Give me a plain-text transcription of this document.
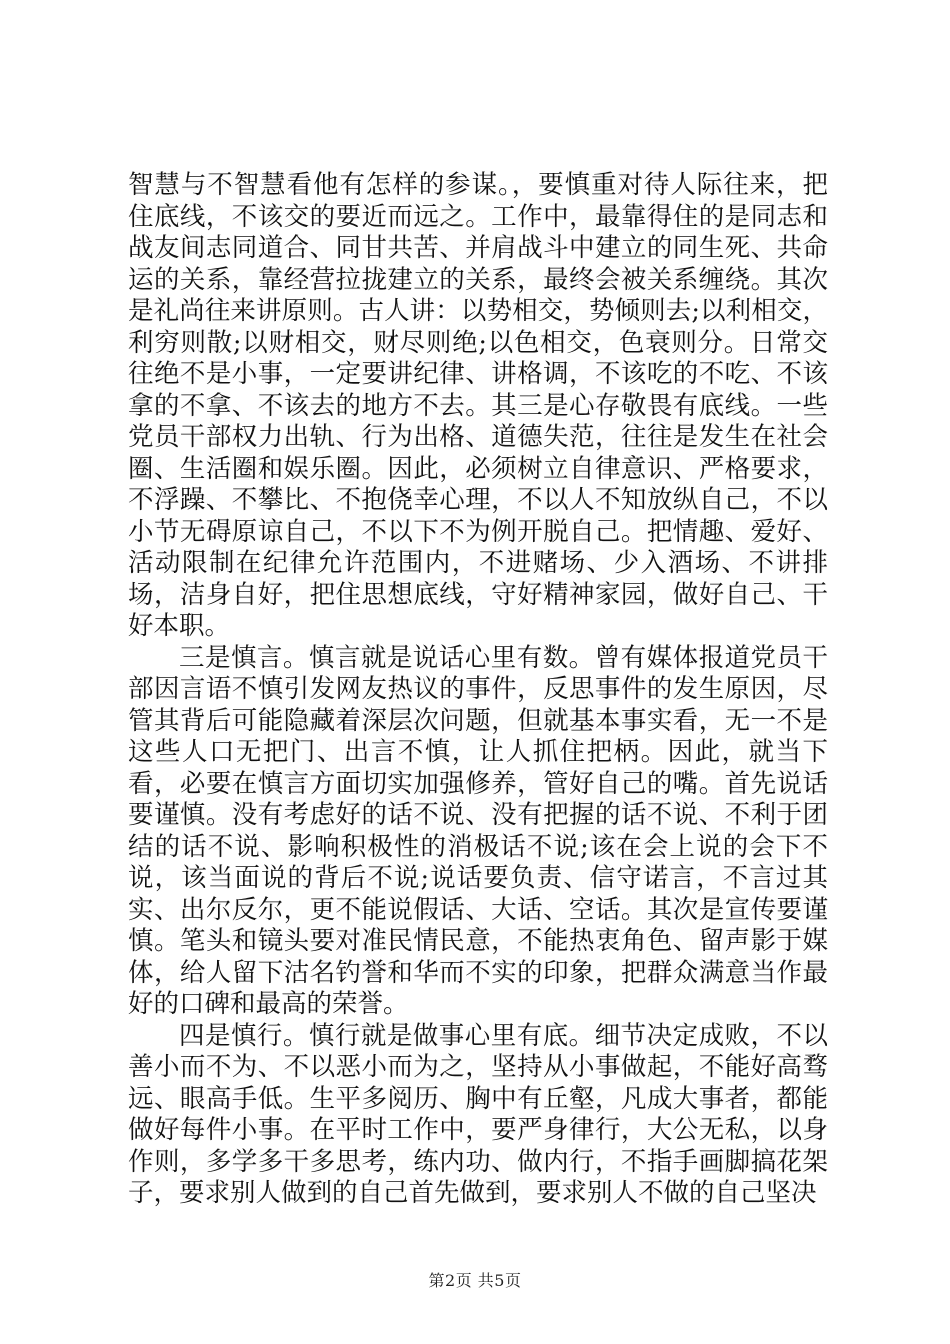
智慧与不智慧看他有怎样的参谋。，要慎重对待人际往来，把住底线，不该交的要近而远之。工作中，最靠得住的是同志和战友间志同道合、同甘共苦、并肩战斗中建立的同生死、共命运的关系，靠经营拉拢建立的关系，最终会被关系缠绕。其次是礼尚往来讲原则。古人讲：以势相交，势倾则去;以利相交，利穷则散;以财相交，财尽则绝;以色相交，色衰则分。日常交往绝不是小事，一定要讲纪律、讲格调，不该吃的不吃、不该拿的不拿、不该去的地方不去。其三是心存敬畏有底线。一些党员干部权力出轨、行为出格、道德失范，往往是发生在社会圈、生活圈和娱乐圈。因此，必须树立自律意识、严格要求，不浮躁、不攀比、不抱侥幸心理，不以人不知放纵自己，不以小节无碍原谅自己，不以下不为例开脱自己。把情趣、爱好、活动限制在纪律允许范围内，不进赌场、少入酒场、不讲排场，洁身自好，把住思想底线，守好精神家园，做好自己、干好本职。

三是慎言。慎言就是说话心里有数。曾有媒体报道党员干部因言语不慎引发网友热议的事件，反思事件的发生原因，尽管其背后可能隐藏着深层次问题，但就基本事实看，无一不是这些人口无把门、出言不慎，让人抓住把柄。因此，就当下看，必要在慎言方面切实加强修养，管好自己的嘴。首先说话要谨慎。没有考虑好的话不说、没有把握的话不说、不利于团结的话不说、影响积极性的消极话不说;该在会上说的会下不说，该当面说的背后不说;说话要负责、信守诺言，不言过其实、出尔反尔，更不能说假话、大话、空话。其次是宣传要谨慎。笔头和镜头要对准民情民意，不能热衷角色、留声影于媒体，给人留下沽名钓誉和华而不实的印象，把群众满意当作最好的口碑和最高的荣誉。

四是慎行。慎行就是做事心里有底。细节决定成败，不以善小而不为、不以恶小而为之，坚持从小事做起，不能好高骛远、眼高手低。生平多阅历、胸中有丘壑，凡成大事者，都能做好每件小事。在平时工作中，要严身律行，大公无私，以身作则，多学多干多思考，练内功、做内行，不指手画脚搞花架子，要求别人做到的自己首先做到，要求别人不做的自己坚决

第2页 共5页
